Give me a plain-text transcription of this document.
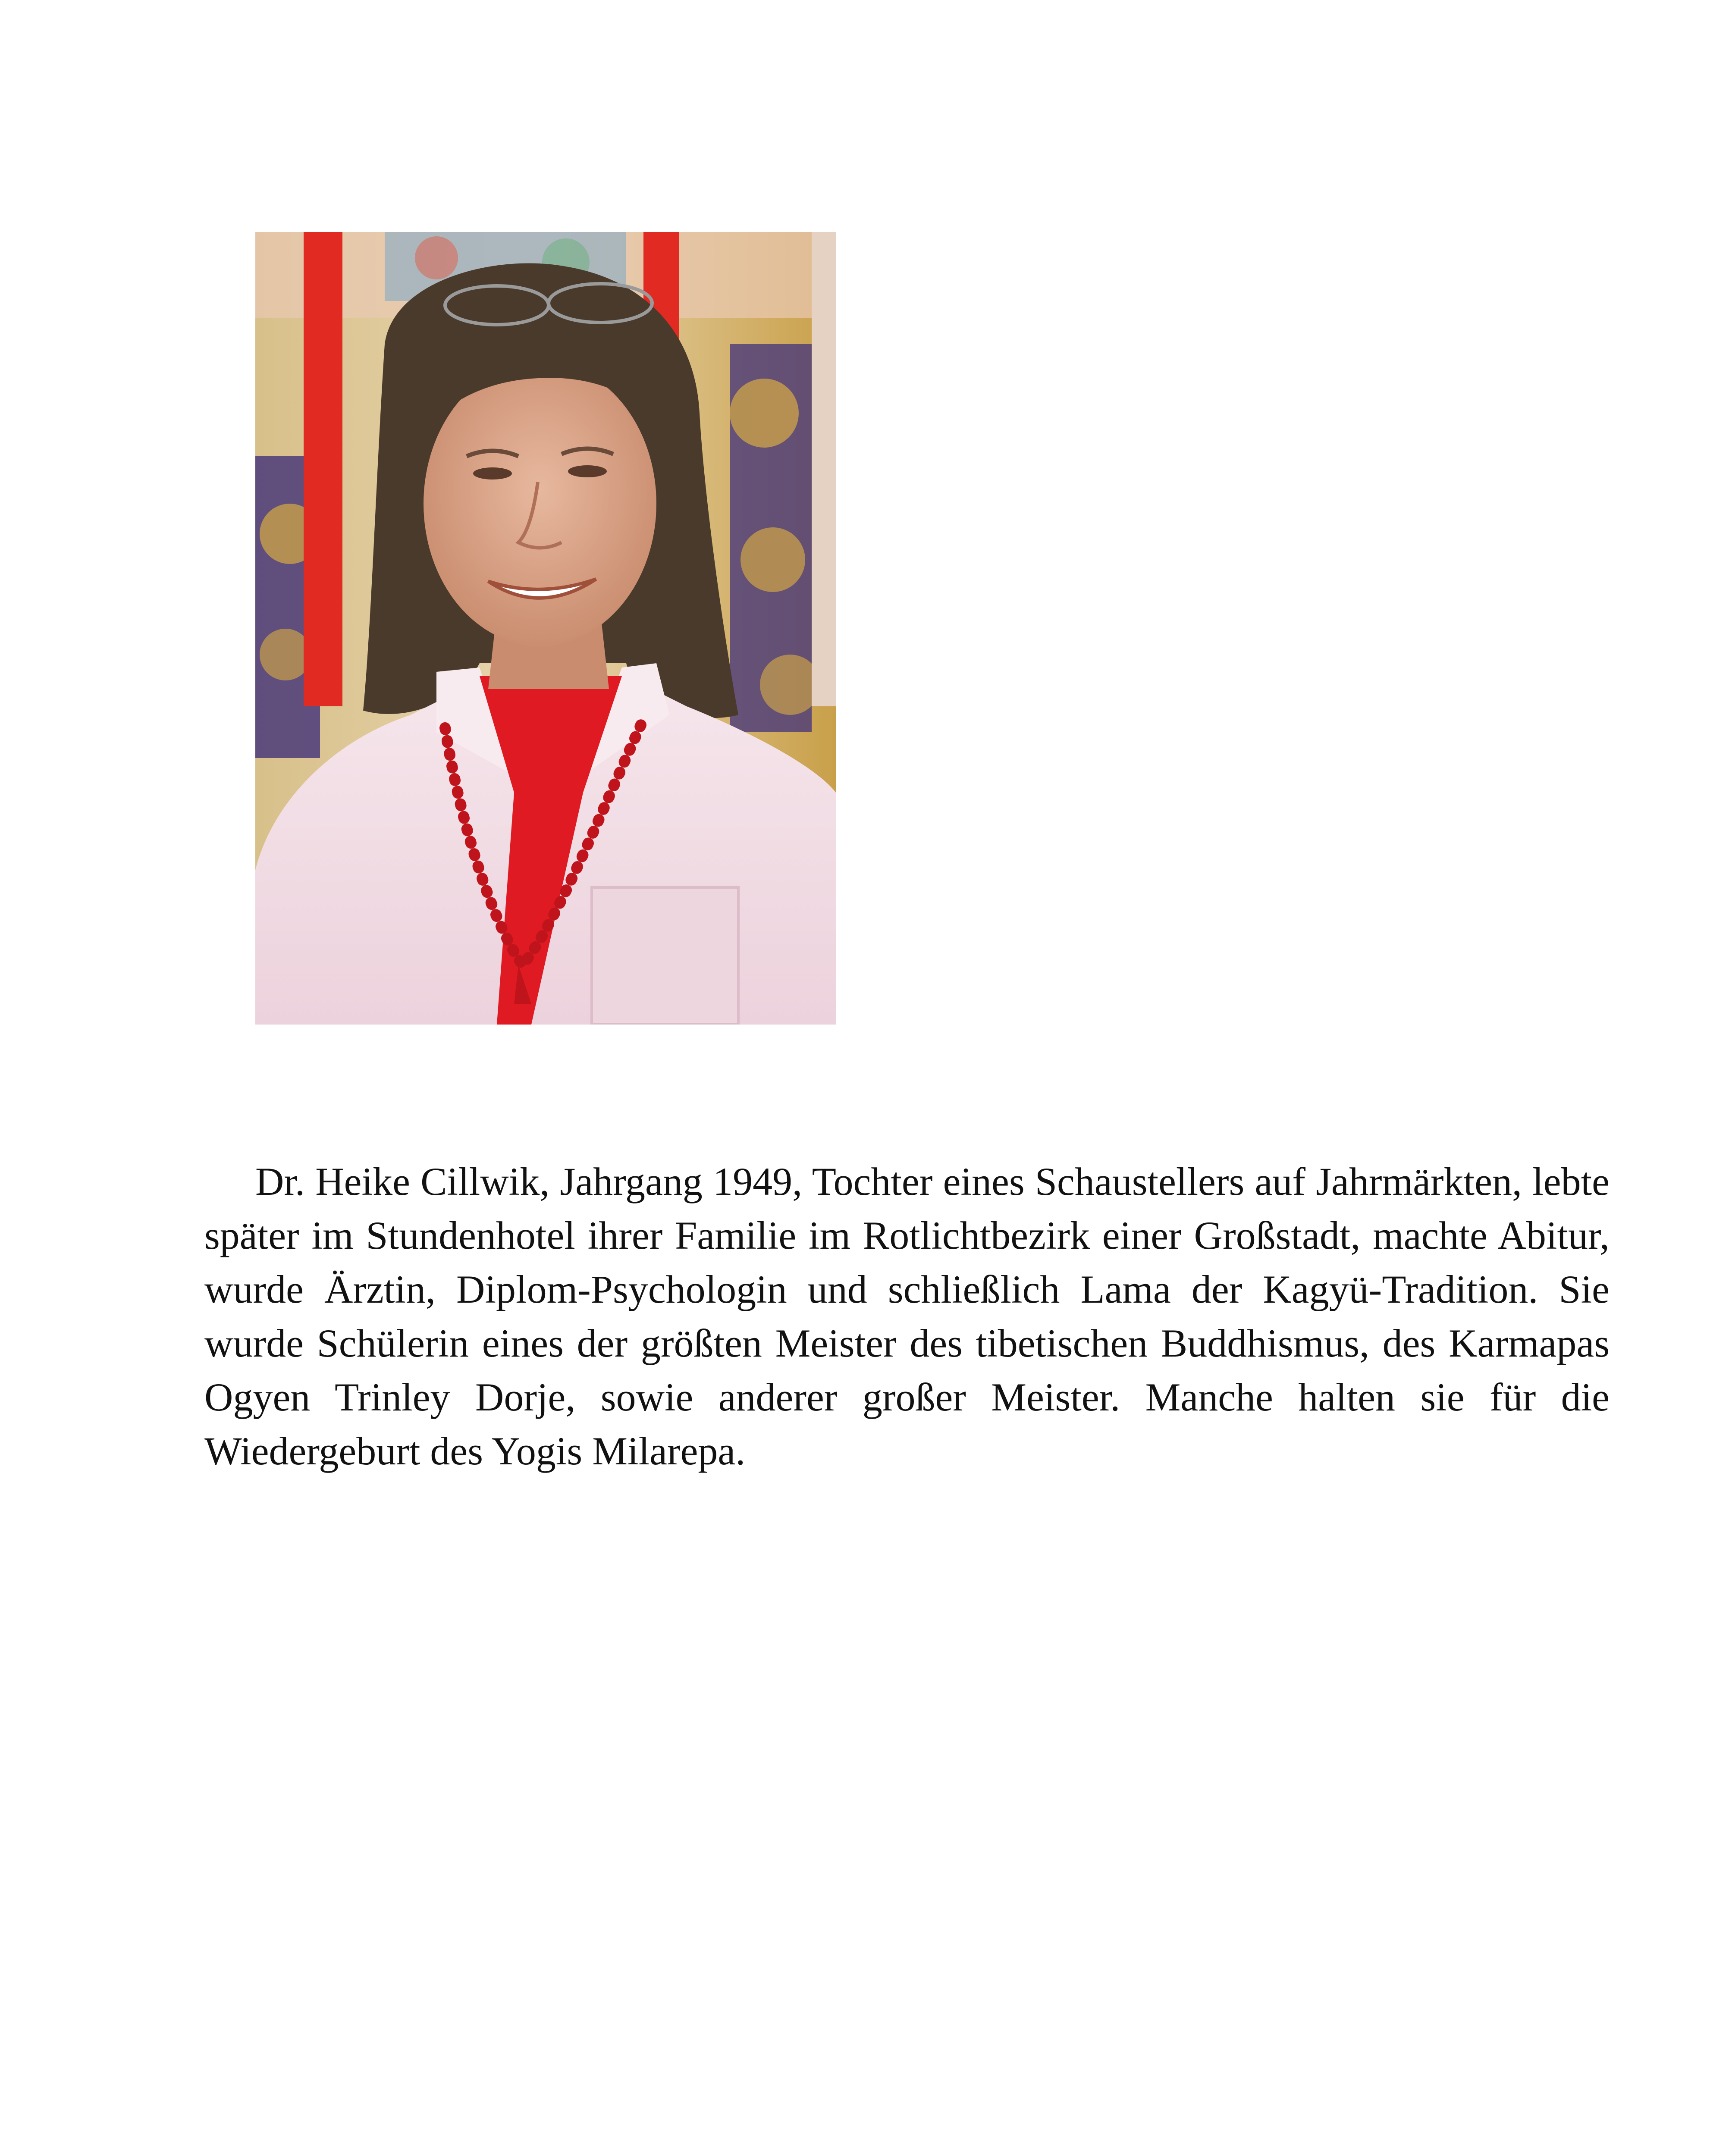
Dr. Heike Cillwik, Jahrgang 1949, Tochter eines Schaustellers auf Jahrmärkten, lebte später im Stundenhotel ihrer Familie im Rotlichtbezirk einer Großstadt, machte Abitur, wurde Ärztin, Diplom-Psychologin und schließlich Lama der Kagyü-Tradition. Sie wurde Schülerin eines der größten Meister des tibetischen Buddhismus, des Karmapas Ogyen Trinley Dorje, sowie anderer großer Meister. Manche halten sie für die Wiedergeburt des Yogis Milarepa.
